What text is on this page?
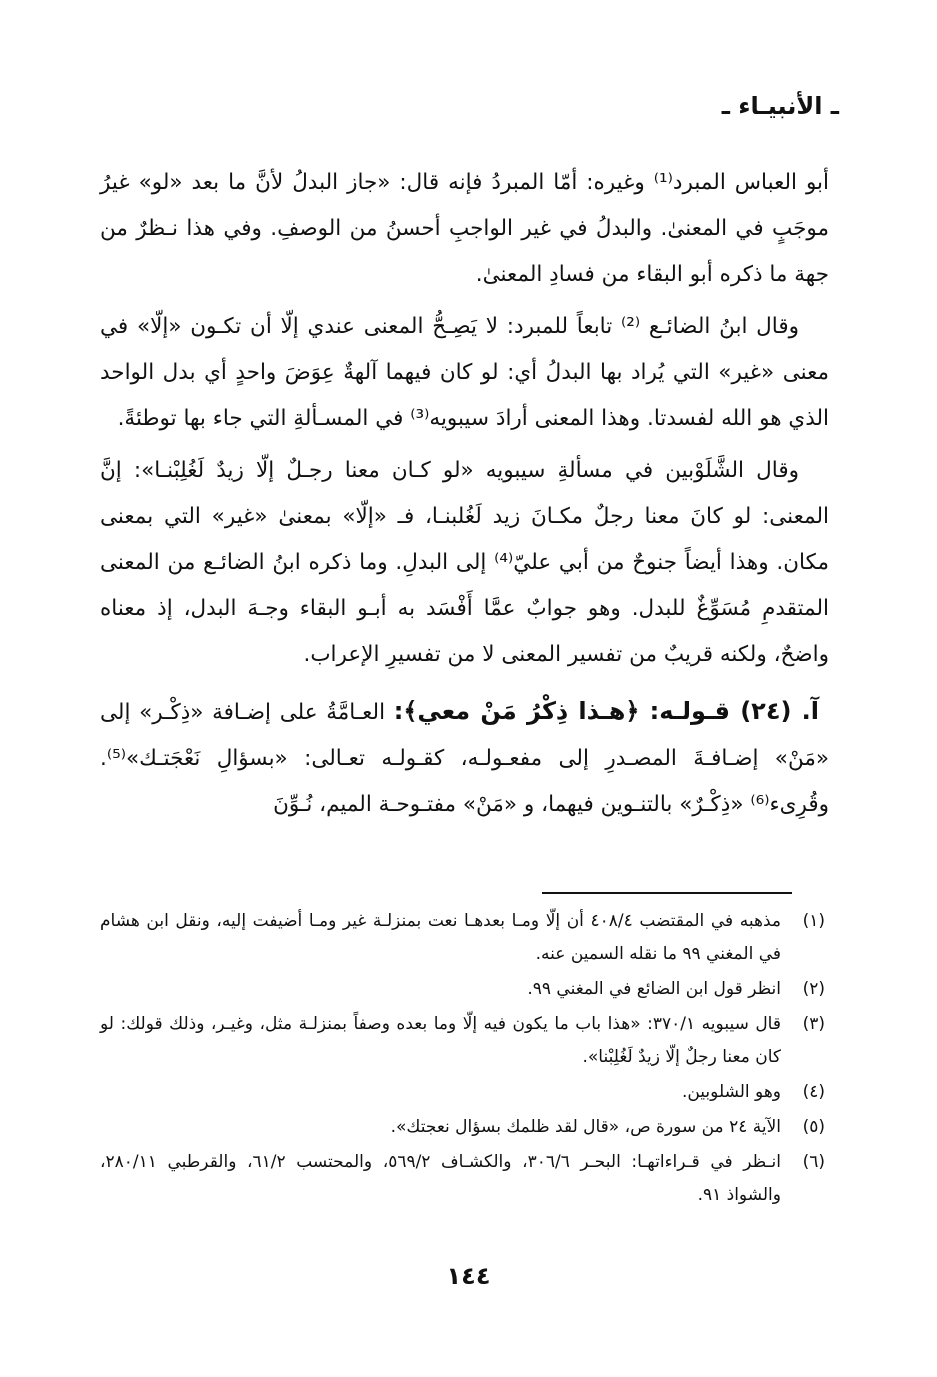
ـ الأنبيـاء ـ

أبو العباس المبرد⁽¹⁾ وغيره: أمّا المبردُ فإنه قال: «جاز البدلُ لأنَّ ما بعد «لو» غيرُ موجَبٍ في المعنىٰ. والبدلُ في غير الواجبِ أحسنُ من الوصفِ. وفي هذا نـظرٌ من جهة ما ذكره أبو البقاء من فسادِ المعنىٰ.

وقال ابنُ الضائـع ⁽²⁾ تابعاً للمبرد: لا يَصِـحُّ المعنى عندي إلّا أن تكـون «إلّا» في معنى «غير» التي يُراد بها البدلُ أي: لو كان فيهما آلهةٌ عِوَضَ واحدٍ أي بدل الواحد الذي هو الله لفسدتا. وهذا المعنى أرادَ سيبويه⁽³⁾ في المسـألةِ التي جاء بها توطئةً.

وقال الشَّلَوْبين في مسألةِ سيبويه «لو كـان معنا رجـلٌ إلّا زيدٌ لَغُلِبْنـا»: إنَّ المعنى: لو كانَ معنا رجلٌ مكـانَ زيد لَغُلبنـا، فـ «إلّا» بمعنىٰ «غير» التي بمعنى مكان. وهذا أيضاً جنوحٌ من أبي عليّ⁽⁴⁾ إلى البدلِ. وما ذكره ابنُ الضائـع من المعنى المتقدمِ مُسَوِّغٌ للبدل. وهو جوابٌ عمَّا أَفْسَد به أبـو البقاء وجـهَ البدل، إذ معناه واضحٌ، ولكنه قريبٌ من تفسير المعنى لا من تفسيرِ الإعراب.

آ. (٢٤) قـولـه: ﴿هـذا ذِكْرُ مَنْ معي﴾: العـامَّةُ على إضـافة «ذِكْـر» إلى «مَنْ» إضـافـةَ المصـدرِ إلى مفعـولـه، كقـولـه تعـالى: «بسؤالِ نَعْجَتـك»⁽⁵⁾. وقُرِىء⁽⁶⁾ «ذِكْـرٌ» بالتنـوين فيهما، و «مَنْ» مفتـوحـة الميم، نُـوِّنَ

(١)
مذهبه في المقتضب ٤٠٨/٤ أن إلّا ومـا بعدهـا نعت بمنزلـة غير ومـا أضيفت إليه، ونقل ابن هشام في المغني ٩٩ ما نقله السمين عنه.
(٢)
انظر قول ابن الضائع في المغني ٩٩.
(٣)
قال سيبويه ٣٧٠/١: «هذا باب ما يكون فيه إلّا وما بعده وصفاً بمنزلـة مثل، وغيـر، وذلك قولك: لو كان معنا رجلٌ إلّا زيدٌ لَغُلِبْنا».
(٤)
وهو الشلوبين.
(٥)
الآية ٢٤ من سورة ص، «قال لقد ظلمك بسؤال نعجتك».
(٦)
انـظر في قـراءاتهـا: البحـر ٣٠٦/٦، والكشـاف ٥٦٩/٢، والمحتسب ٦١/٢، والقرطبي ٢٨٠/١١، والشواذ ٩١.
١٤٤
